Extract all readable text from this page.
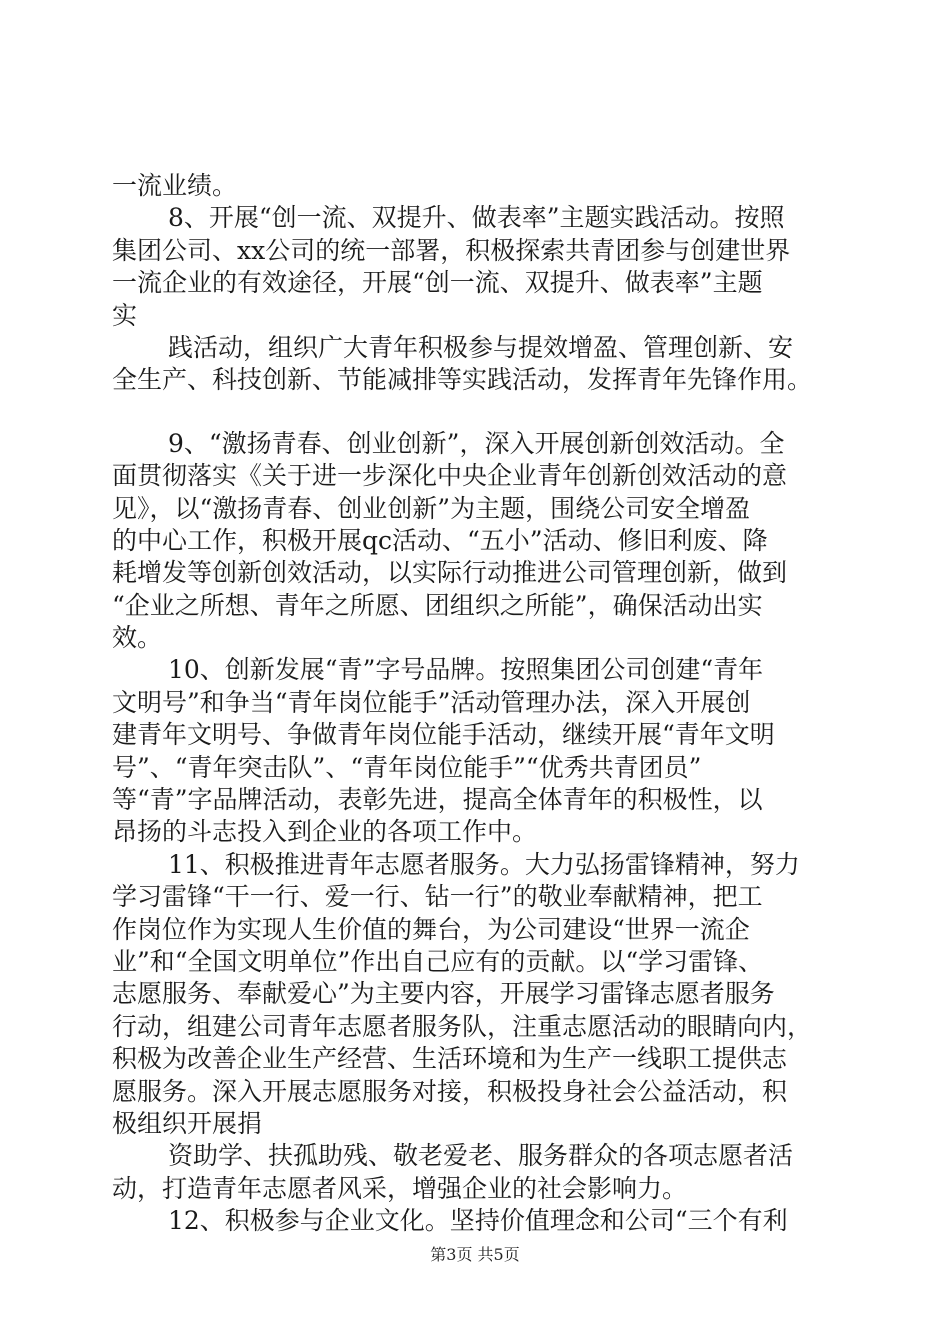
一流业绩。
8、开展“创一流、双提升、做表率”主题实践活动。按照
集团公司、xx公司的统一部署，积极探索共青团参与创建世界
一流企业的有效途径，开展“创一流、双提升、做表率”主题
实
践活动，组织广大青年积极参与提效增盈、管理创新、安
全生产、科技创新、节能减排等实践活动，发挥青年先锋作用。
9、“激扬青春、创业创新”，深入开展创新创效活动。全
面贯彻落实《关于进一步深化中央企业青年创新创效活动的意
见》，以“激扬青春、创业创新”为主题，围绕公司安全增盈
的中心工作，积极开展qc活动、“五小”活动、修旧利废、降
耗增发等创新创效活动，以实际行动推进公司管理创新，做到
“企业之所想、青年之所愿、团组织之所能”，确保活动出实
效。
10、创新发展“青”字号品牌。按照集团公司创建“青年
文明号”和争当“青年岗位能手”活动管理办法，深入开展创
建青年文明号、争做青年岗位能手活动，继续开展“青年文明
号”、“青年突击队”、“青年岗位能手”“优秀共青团员”
等“青”字品牌活动，表彰先进，提高全体青年的积极性，以
昂扬的斗志投入到企业的各项工作中。
11、积极推进青年志愿者服务。大力弘扬雷锋精神，努力
学习雷锋“干一行、爱一行、钻一行”的敬业奉献精神，把工
作岗位作为实现人生价值的舞台，为公司建设“世界一流企
业”和“全国文明单位”作出自己应有的贡献。以“学习雷锋、
志愿服务、奉献爱心”为主要内容，开展学习雷锋志愿者服务
行动，组建公司青年志愿者服务队，注重志愿活动的眼睛向内，
积极为改善企业生产经营、生活环境和为生产一线职工提供志
愿服务。深入开展志愿服务对接，积极投身社会公益活动，积
极组织开展捐
资助学、扶孤助残、敬老爱老、服务群众的各项志愿者活
动，打造青年志愿者风采，增强企业的社会影响力。
12、积极参与企业文化。坚持价值理念和公司“三个有利
第3页 共5页
